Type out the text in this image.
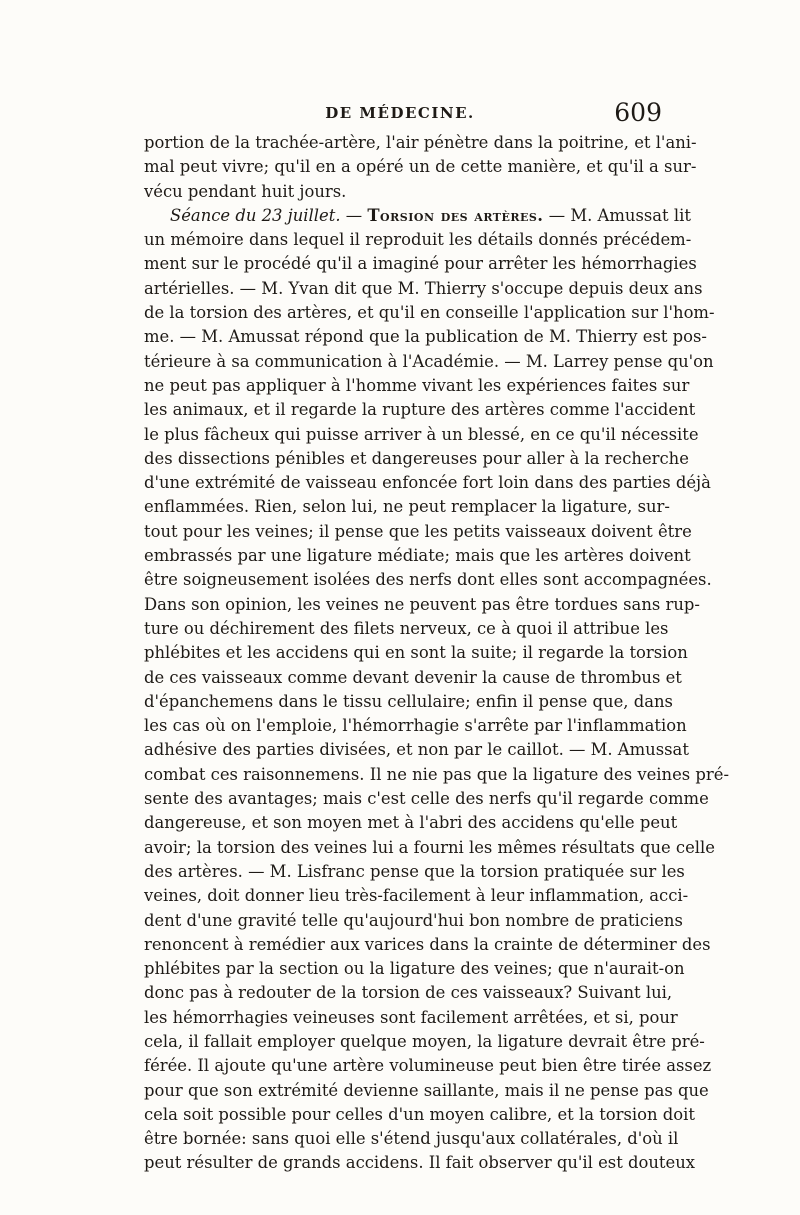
DE MÉDECINE.	609
portion de la trachée-artère, l'air pénètre dans la poitrine, et l'ani-
mal peut vivre; qu'il en a opéré un de cette manière, et qu'il a sur-
vécu pendant huit jours.
Séance du 23 juillet. — Torsion des artères. — M. Amussat lit
un mémoire dans lequel il reproduit les détails donnés précédem-
ment sur le procédé qu'il a imaginé pour arrêter les hémorrhagies
artérielles. — M. Yvan dit que M. Thierry s'occupe depuis deux ans
de la torsion des artères, et qu'il en conseille l'application sur l'hom-
me. — M. Amussat répond que la publication de M. Thierry est pos-
térieure à sa communication à l'Académie. — M. Larrey pense qu'on
ne peut pas appliquer à l'homme vivant les expériences faites sur
les animaux, et il regarde la rupture des artères comme l'accident
le plus fâcheux qui puisse arriver à un blessé, en ce qu'il nécessite
des dissections pénibles et dangereuses pour aller à la recherche
d'une extrémité de vaisseau enfoncée fort loin dans des parties déjà
enflammées. Rien, selon lui, ne peut remplacer la ligature, sur-
tout pour les veines; il pense que les petits vaisseaux doivent être
embrassés par une ligature médiate; mais que les artères doivent
être soigneusement isolées des nerfs dont elles sont accompagnées.
Dans son opinion, les veines ne peuvent pas être tordues sans rup-
ture ou déchirement des filets nerveux, ce à quoi il attribue les
phlébites et les accidens qui en sont la suite; il regarde la torsion
de ces vaisseaux comme devant devenir la cause de thrombus et
d'épanchemens dans le tissu cellulaire; enfin il pense que, dans
les cas où on l'emploie, l'hémorrhagie s'arrête par l'inflammation
adhésive des parties divisées, et non par le caillot. — M. Amussat
combat ces raisonnemens. Il ne nie pas que la ligature des veines pré-
sente des avantages; mais c'est celle des nerfs qu'il regarde comme
dangereuse, et son moyen met à l'abri des accidens qu'elle peut
avoir; la torsion des veines lui a fourni les mêmes résultats que celle
des artères. — M. Lisfranc pense que la torsion pratiquée sur les
veines, doit donner lieu très-facilement à leur inflammation, acci-
dent d'une gravité telle qu'aujourd'hui bon nombre de praticiens
renoncent à remédier aux varices dans la crainte de déterminer des
phlébites par la section ou la ligature des veines; que n'aurait-on
donc pas à redouter de la torsion de ces vaisseaux? Suivant lui,
les hémorrhagies veineuses sont facilement arrêtées, et si, pour
cela, il fallait employer quelque moyen, la ligature devrait être pré-
férée. Il ajoute qu'une artère volumineuse peut bien être tirée assez
pour que son extrémité devienne saillante, mais il ne pense pas que
cela soit possible pour celles d'un moyen calibre, et la torsion doit
être bornée: sans quoi elle s'étend jusqu'aux collatérales, d'où il
peut résulter de grands accidens. Il fait observer qu'il est douteux
